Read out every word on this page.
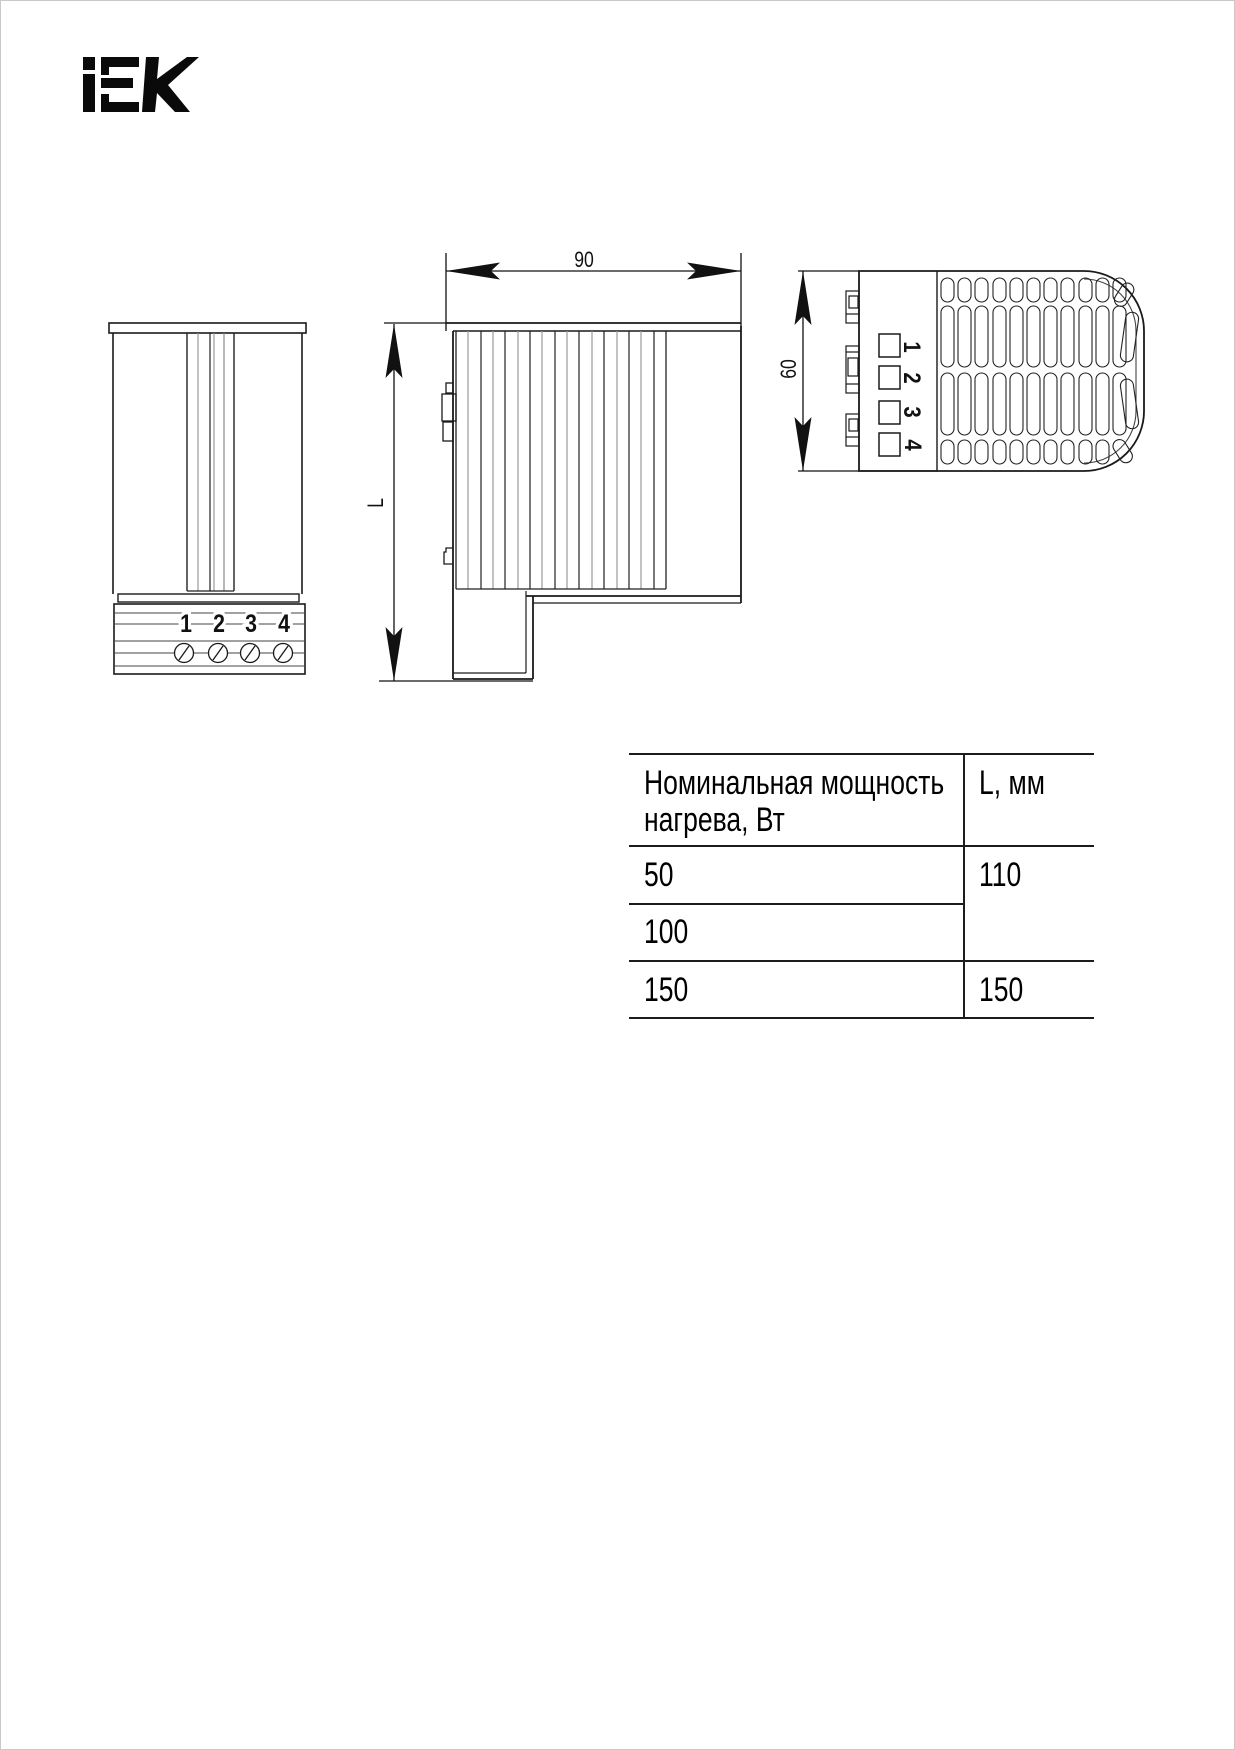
1 2 3 4
90
L
60
1
2
3
4
Номинальная мощность
нагрева, Вт
L, мм
50	110
100
150	150
